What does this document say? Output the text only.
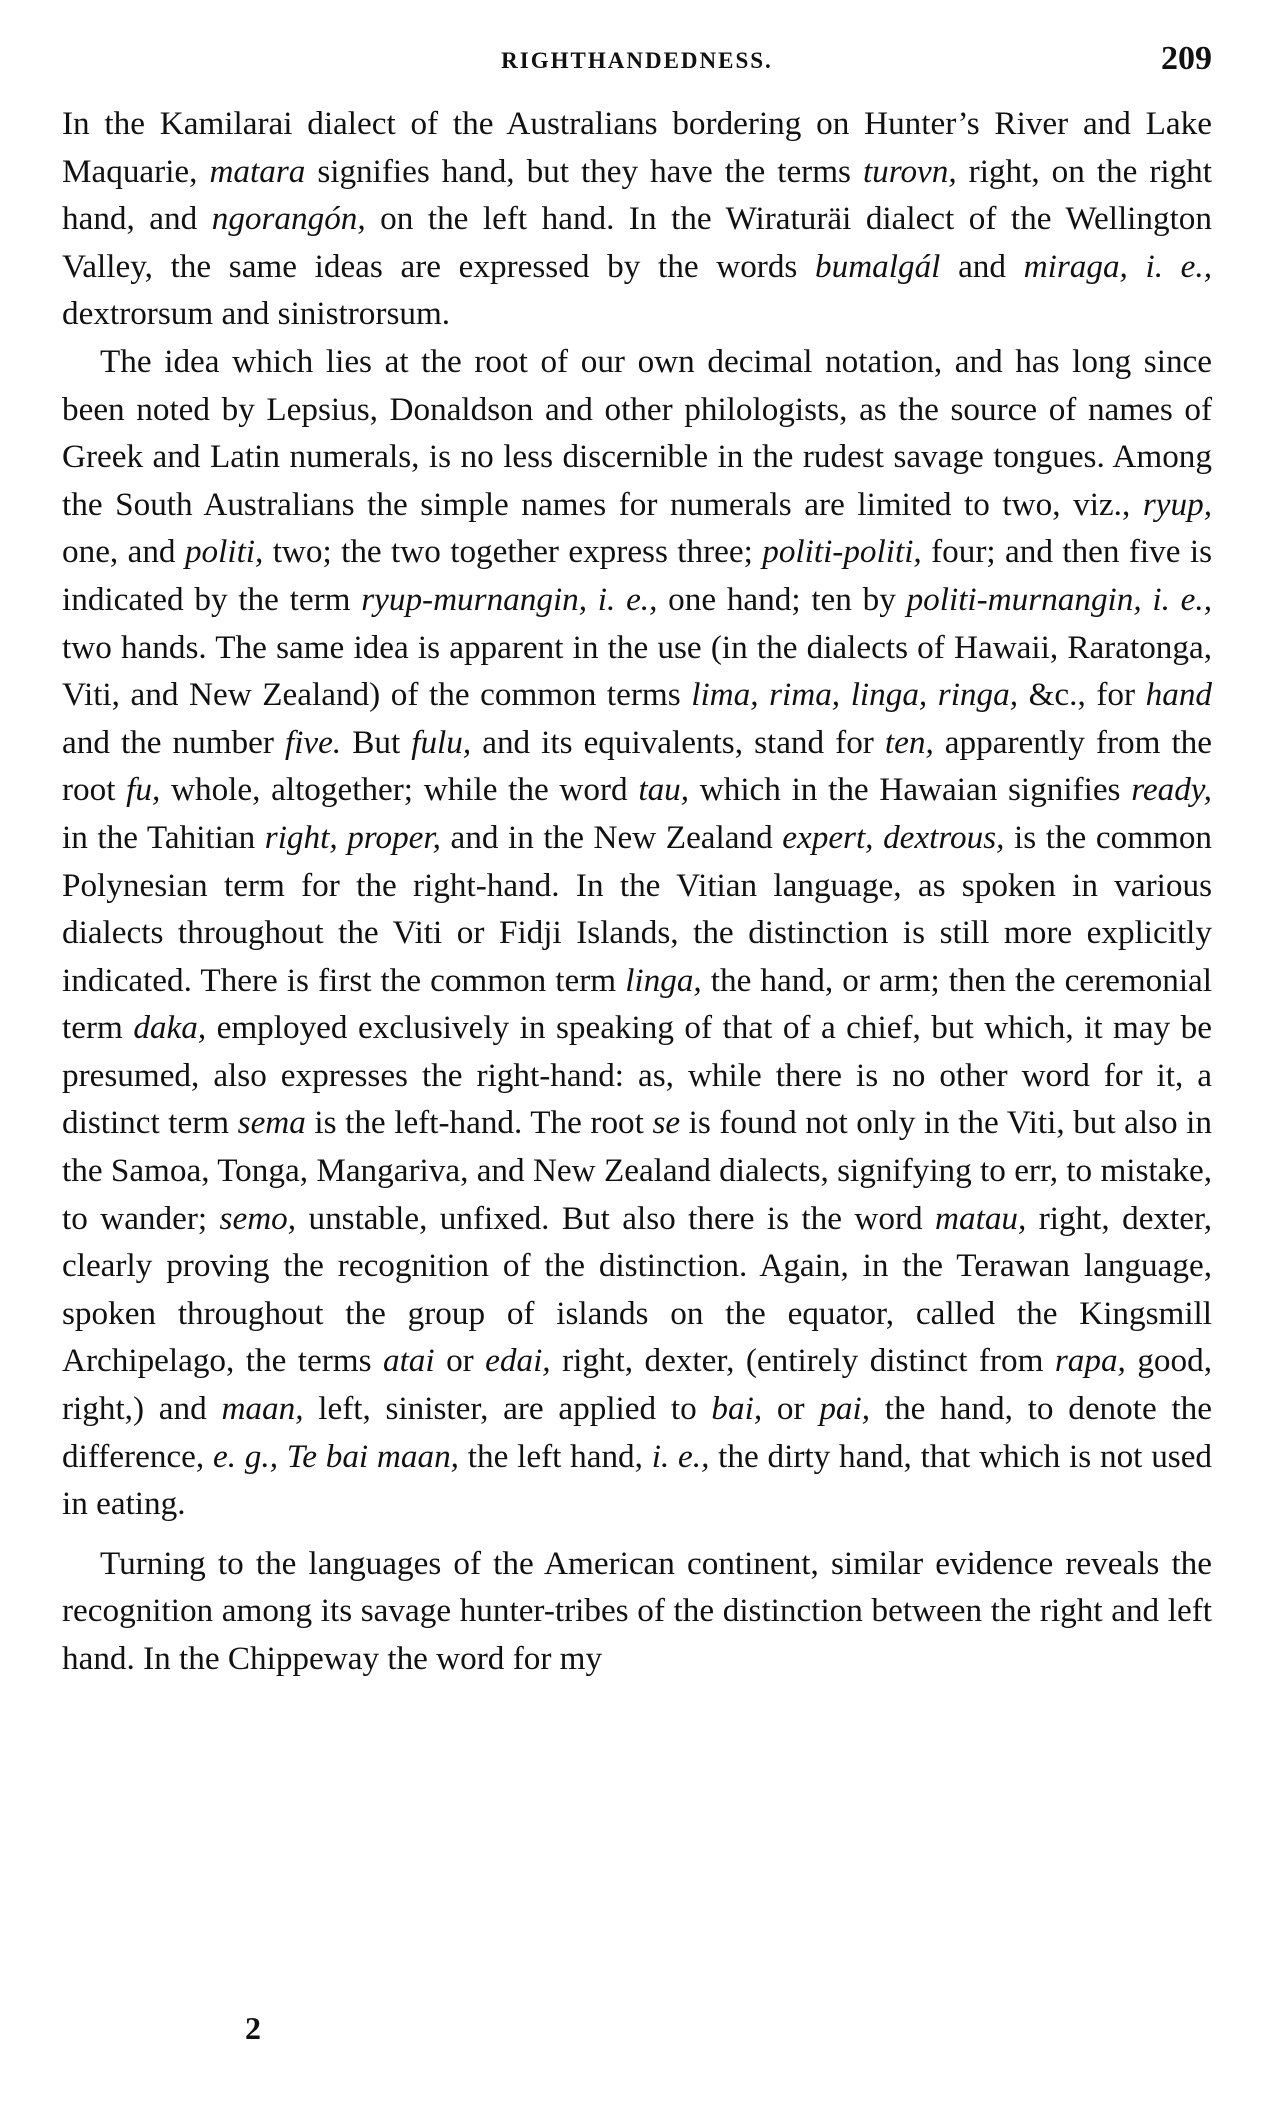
RIGHTHANDEDNESS.	209

In the Kamilarai dialect of the Australians bordering on Hunter’s River and Lake Maquarie, matara signifies hand, but they have the terms turovn, right, on the right hand, and ngorangón, on the left hand. In the Wiraturäi dialect of the Wellington Valley, the same ideas are expressed by the words bumalgál and miraga, i. e., dextrorsum and sinistrorsum.

The idea which lies at the root of our own decimal notation, and has long since been noted by Lepsius, Donaldson and other philologists, as the source of names of Greek and Latin numerals, is no less discernible in the rudest savage tongues. Among the South Australians the simple names for numerals are limited to two, viz., ryup, one, and politi, two; the two together express three; politi-politi, four; and then five is indicated by the term ryup-murnangin, i. e., one hand; ten by politi-murnangin, i. e., two hands. The same idea is apparent in the use (in the dialects of Hawaii, Raratonga, Viti, and New Zealand) of the common terms lima, rima, linga, ringa, &c., for hand and the number five. But fulu, and its equivalents, stand for ten, apparently from the root fu, whole, altogether; while the word tau, which in the Hawaian signifies ready, in the Tahitian right, proper, and in the New Zealand expert, dextrous, is the common Polynesian term for the right-hand. In the Vitian language, as spoken in various dialects throughout the Viti or Fidji Islands, the distinction is still more explicitly indicated. There is first the common term linga, the hand, or arm; then the ceremonial term daka, employed exclusively in speaking of that of a chief, but which, it may be presumed, also expresses the right-hand: as, while there is no other word for it, a distinct term sema is the left-hand. The root se is found not only in the Viti, but also in the Samoa, Tonga, Mangariva, and New Zealand dialects, signifying to err, to mistake, to wander; semo, unstable, unfixed. But also there is the word matau, right, dexter, clearly proving the recognition of the distinction. Again, in the Terawan language, spoken throughout the group of islands on the equator, called the Kingsmill Archipelago, the terms atai or edai, right, dexter, (entirely distinct from rapa, good, right,) and maan, left, sinister, are applied to bai, or pai, the hand, to denote the difference, e. g., Te bai maan, the left hand, i. e., the dirty hand, that which is not used in eating.

Turning to the languages of the American continent, similar evidence reveals the recognition among its savage hunter-tribes of the distinction between the right and left hand. In the Chippeway the word for my

2
